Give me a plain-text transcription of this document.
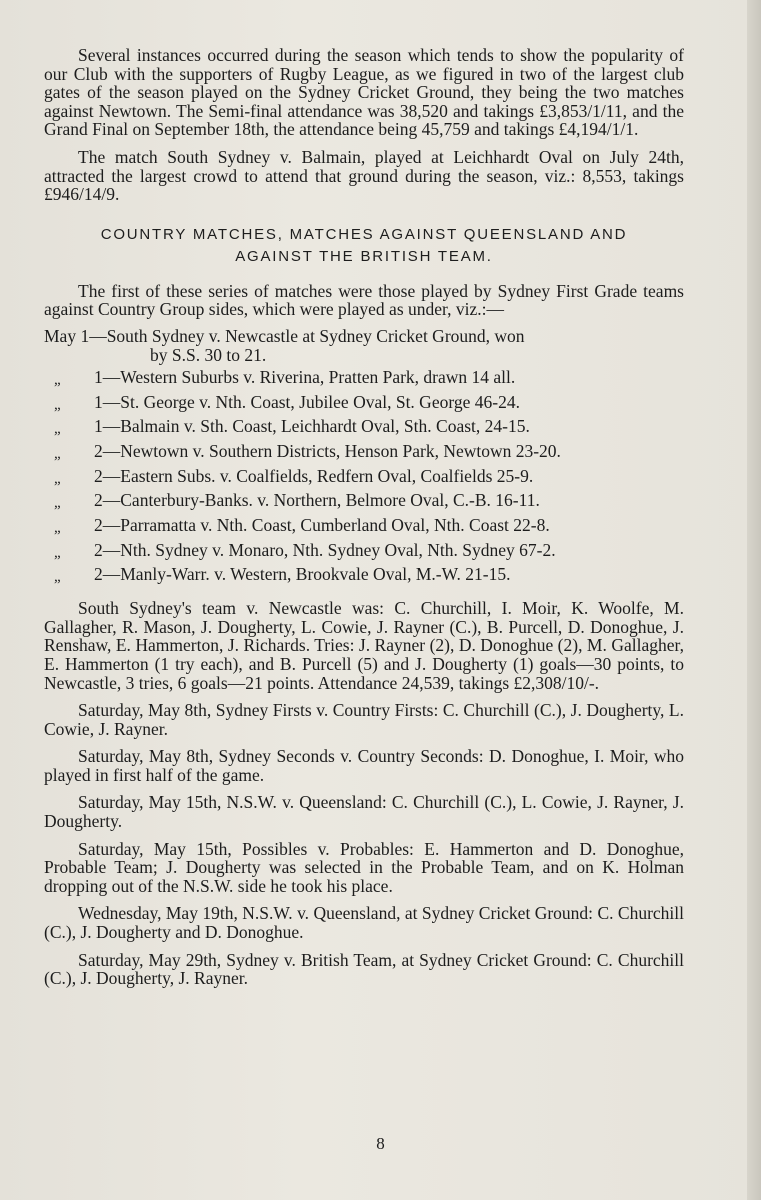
Several instances occurred during the season which tends to show the popularity of our Club with the supporters of Rugby League, as we figured in two of the largest club gates of the season played on the Sydney Cricket Ground, they being the two matches against Newtown. The Semi-final attendance was 38,520 and takings £3,853/1/11, and the Grand Final on September 18th, the attendance being 45,759 and takings £4,194/1/1.

The match South Sydney v. Balmain, played at Leichhardt Oval on July 24th, attracted the largest crowd to attend that ground during the season, viz.: 8,553, takings £946/14/9.

COUNTRY MATCHES, MATCHES AGAINST QUEENSLAND AND
AGAINST THE BRITISH TEAM.

The first of these series of matches were those played by Sydney First Grade teams against Country Group sides, which were played as under, viz.:—

May 1—South Sydney v. Newcastle at Sydney Cricket Ground, won
by S.S. 30 to 21.

„ 1—Western Suburbs v. Riverina, Pratten Park, drawn 14 all.
„ 1—St. George v. Nth. Coast, Jubilee Oval, St. George 46-24.
„ 1—Balmain v. Sth. Coast, Leichhardt Oval, Sth. Coast, 24-15.
„ 2—Newtown v. Southern Districts, Henson Park, Newtown 23-20.
„ 2—Eastern Subs. v. Coalfields, Redfern Oval, Coalfields 25-9.
„ 2—Canterbury-Banks. v. Northern, Belmore Oval, C.-B. 16-11.
„ 2—Parramatta v. Nth. Coast, Cumberland Oval, Nth. Coast 22-8.
„ 2—Nth. Sydney v. Monaro, Nth. Sydney Oval, Nth. Sydney 67-2.
„ 2—Manly-Warr. v. Western, Brookvale Oval, M.-W. 21-15.

South Sydney's team v. Newcastle was: C. Churchill, I. Moir, K. Woolfe, M. Gallagher, R. Mason, J. Dougherty, L. Cowie, J. Rayner (C.), B. Purcell, D. Donoghue, J. Renshaw, E. Hammerton, J. Richards. Tries: J. Rayner (2), D. Donoghue (2), M. Gallagher, E. Hammerton (1 try each), and B. Purcell (5) and J. Dougherty (1) goals—30 points, to Newcastle, 3 tries, 6 goals—21 points. Attendance 24,539, takings £2,308/10/-.

Saturday, May 8th, Sydney Firsts v. Country Firsts: C. Churchill (C.), J. Dougherty, L. Cowie, J. Rayner.

Saturday, May 8th, Sydney Seconds v. Country Seconds: D. Donoghue, I. Moir, who played in first half of the game.

Saturday, May 15th, N.S.W. v. Queensland: C. Churchill (C.), L. Cowie, J. Rayner, J. Dougherty.

Saturday, May 15th, Possibles v. Probables: E. Hammerton and D. Donoghue, Probable Team; J. Dougherty was selected in the Probable Team, and on K. Holman dropping out of the N.S.W. side he took his place.

Wednesday, May 19th, N.S.W. v. Queensland, at Sydney Cricket Ground: C. Churchill (C.), J. Dougherty and D. Donoghue.

Saturday, May 29th, Sydney v. British Team, at Sydney Cricket Ground: C. Churchill (C.), J. Dougherty, J. Rayner.

8
